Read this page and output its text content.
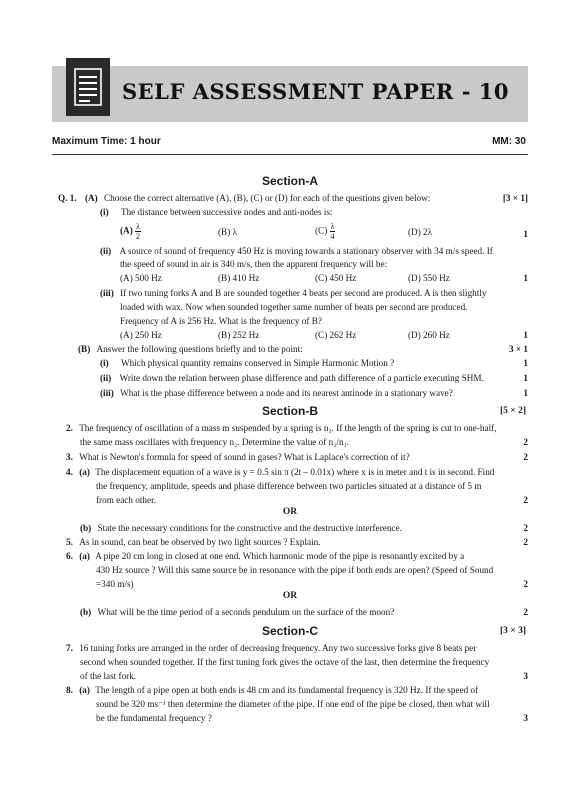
SELF ASSESSMENT PAPER - 10
Maximum Time: 1 hour	MM: 30
Section-A
Q. 1. (A) Choose the correct alternative (A), (B), (C) or (D) for each of the questions given below:	[3 × 1]
(i) The distance between successive nodes and anti-nodes is:
$(A) \frac{\lambda}{2}$	(B) λ	$(C) \frac{\lambda}{4}$	(D) 2λ	1
(ii) A source of sound of frequency 450 Hz is moving towards a stationary observer with 34 m/s speed. If
the speed of sound in air is 340 m/s, then the apparent frequency will be:
(A) 500 Hz	(B) 410 Hz	(C) 450 Hz	(D) 550 Hz	1
(iii) If two tuning forks A and B are sounded together 4 beats per second are produced. A is then slightly
loaded with wax. Now when sounded together same number of beats per second are produced.
Frequency of A is 256 Hz. What is the frequency of B?
(A) 250 Hz	(B) 252 Hz	(C) 262 Hz	(D) 260 Hz	1
(B) Answer the following questions briefly and to the point:	3 × 1
(i) Which physical quantity remains conserved in Simple Harmonic Motion ?	1
(ii) Write down the relation between phase difference and path difference of a particle executing SHM.	1
(iii) What is the phase difference between a node and its nearest antinode in a stationary wave?	1
Section-B	[5 × 2]
2. The frequency of oscillation of a mass m suspended by a spring is n₁. If the length of the spring is cut to one-half,
the same mass oscillates with frequency n₂. Determine the value of n₂/n₁.	2
3. What is Newton's formula for speed of sound in gases? What is Laplace's correction of it?	2
4. (a) The displacement equation of a wave is y = 0.5 sin π (2t – 0.01x) where x is in meter and t is in second. Find
the frequency, amplitude, speeds and phase difference between two particles situated at a distance of 5 m
from each other.	2
OR
(b) State the necessary conditions for the constructive and the destructive interference.	2
5. As in sound, can beat be observed by two light sources ? Explain.	2
6. (a) A pipe 20 cm long in closed at one end. Which harmonic mode of the pipe is resonantly excited by a
430 Hz source ? Will this same source be in resonance with the pipe if both ends are open? (Speed of Sound
=340 m/s)	2
OR
(b) What will be the time period of a seconds pendulum on the surface of the moon?	2
Section-C	[3 × 3]
7. 16 tuning forks are arranged in the order of decreasing frequency. Any two successive forks give 8 beats per
second when sounded together. If the first tuning fork gives the octave of the last, then determine the frequency
of the last fork.	3
8. (a) The length of a pipe open at both ends is 48 cm and its fundamental frequency is 320 Hz. If the speed of
sound be 320 ms⁻¹ then determine the diameter of the pipe. If one end of the pipe be closed, then what will
be the fundamental frequency ?	3
